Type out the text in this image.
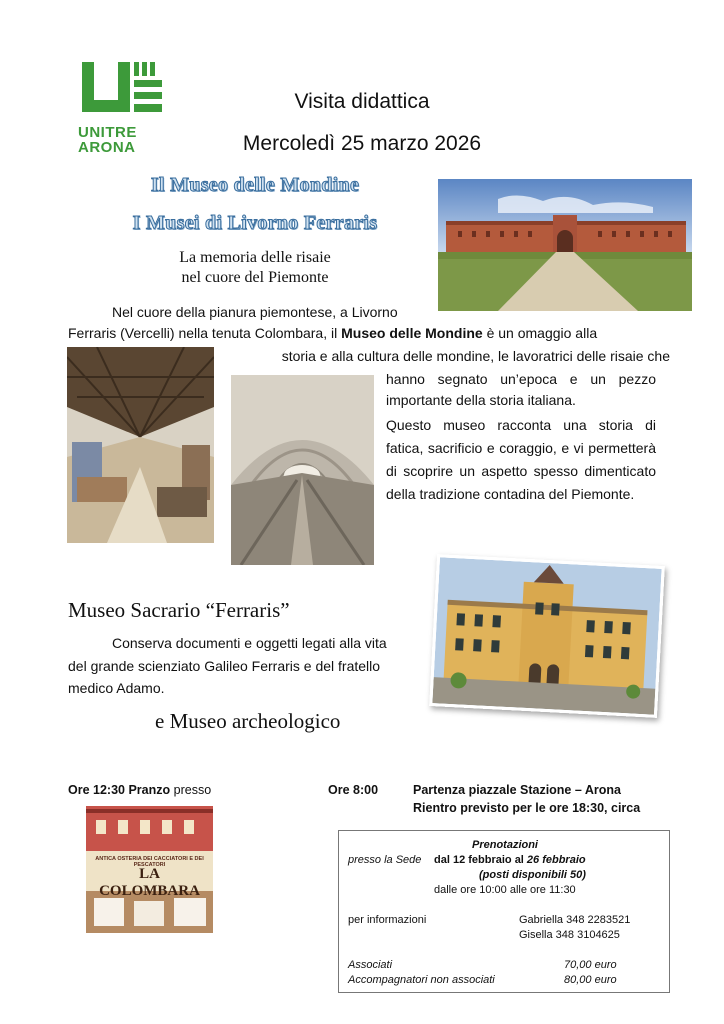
UNITRE
ARONA
Visita didattica
Mercoledì 25 marzo 2026
Il Museo delle Mondine
I Musei di Livorno Ferraris
La memoria delle risaie
nel cuore del Piemonte
Nel cuore della pianura piemontese, a Livorno
Ferraris (Vercelli) nella tenuta Colombara, il Museo delle Mondine è un omaggio alla
storia e alla cultura delle mondine, le lavoratrici delle risaie che
hanno segnato un’epoca e un pezzo
importante della storia italiana.
Questo museo racconta una storia di fatica, sacrificio e coraggio, e vi permetterà di scoprire un aspetto spesso dimenticato della tradizione contadina del Piemonte.
Museo Sacrario “Ferraris”
Conserva documenti e oggetti legati alla vita
del grande scienziato Galileo Ferraris e del fratello
medico Adamo.
e Museo archeologico
Ore 12:30 Pranzo presso	Ore 8:00	Partenza piazzale Stazione – Arona
Rientro previsto per le ore 18:30, circa
ANTICA OSTERIA DEI CACCIATORI E DEI PESCATORI
LA COLOMBARA
Prenotazioni
presso la Sede	dal 12 febbraio al 26 febbraio
(posti disponibili 50)
dalle ore 10:00 alle ore 11:30
per informazioni	Gabriella 348 2283521
Gisella 348 3104625
Associati	70,00 euro
Accompagnatori non associati	80,00 euro
